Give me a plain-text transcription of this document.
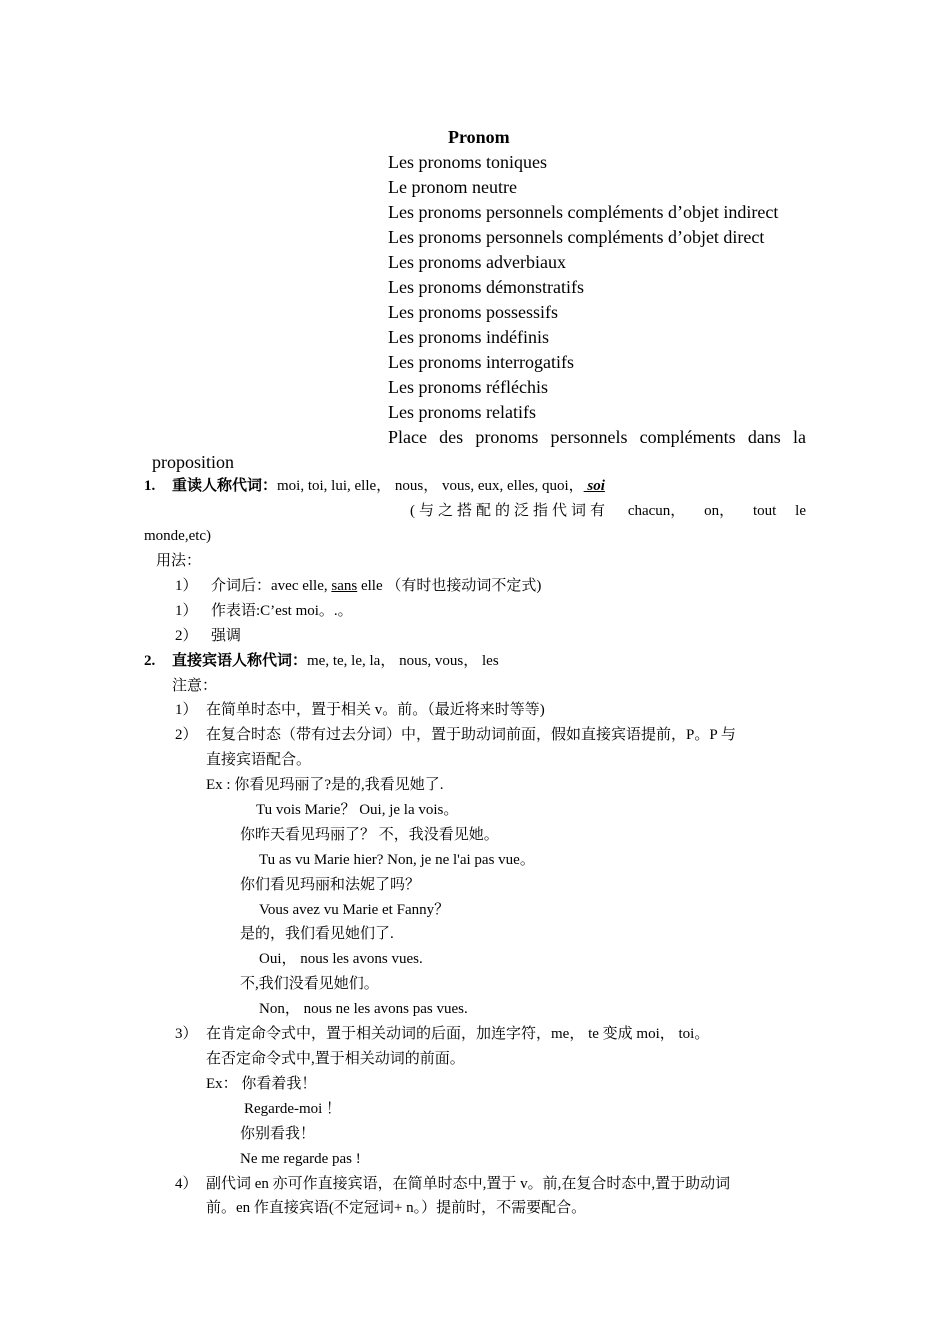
Pronom
Les pronoms toniques
Le pronom neutre
Les pronoms personnels compléments d’objet indirect
Les pronoms personnels compléments d’objet direct
Les pronoms adverbiaux
Les pronoms démonstratifs
Les pronoms possessifs
Les pronoms indéfinis
Les pronoms interrogatifs
Les pronoms réfléchis
Les pronoms relatifs
Place des pronoms personnels compléments dans la
proposition
1. 重读人称代词：moi, toi, lui, elle， nous， vous, eux, elles, quoi， soi
(与之搭配的泛指代词有 chacun， on， tout le
monde,etc)
用法：
1） 介词后：avec elle, sans elle （有时也接动词不定式)
1） 作表语:C’est moi。.。
2） 强调
2. 直接宾语人称代词：me, te, le, la， nous, vous， les
注意：
1） 在简单时态中，置于相关 v。前。（最近将来时等等)
2） 在复合时态（带有过去分词）中，置于助动词前面，假如直接宾语提前，P。P 与
直接宾语配合。
Ex : 你看见玛丽了?是的,我看见她了.
Tu vois Marie？ Oui, je la vois。
你昨天看见玛丽了？ 不，我没看见她。
Tu as vu Marie hier? Non, je ne l'ai pas vue。
你们看见玛丽和法妮了吗？
Vous avez vu Marie et Fanny？
是的，我们看见她们了.
Oui， nous les avons vues.
不,我们没看见她们。
Non， nous ne les avons pas vues.
3） 在肯定命令式中，置于相关动词的后面，加连字符，me， te 变成 moi， toi。
在否定命令式中,置于相关动词的前面。
Ex： 你看着我！
Regarde-moi ！
你别看我！
Ne me regarde pas !
4） 副代词 en 亦可作直接宾语，在简单时态中,置于 v。前,在复合时态中,置于助动词
前。en 作直接宾语(不定冠词+ n。）提前时，不需要配合。
